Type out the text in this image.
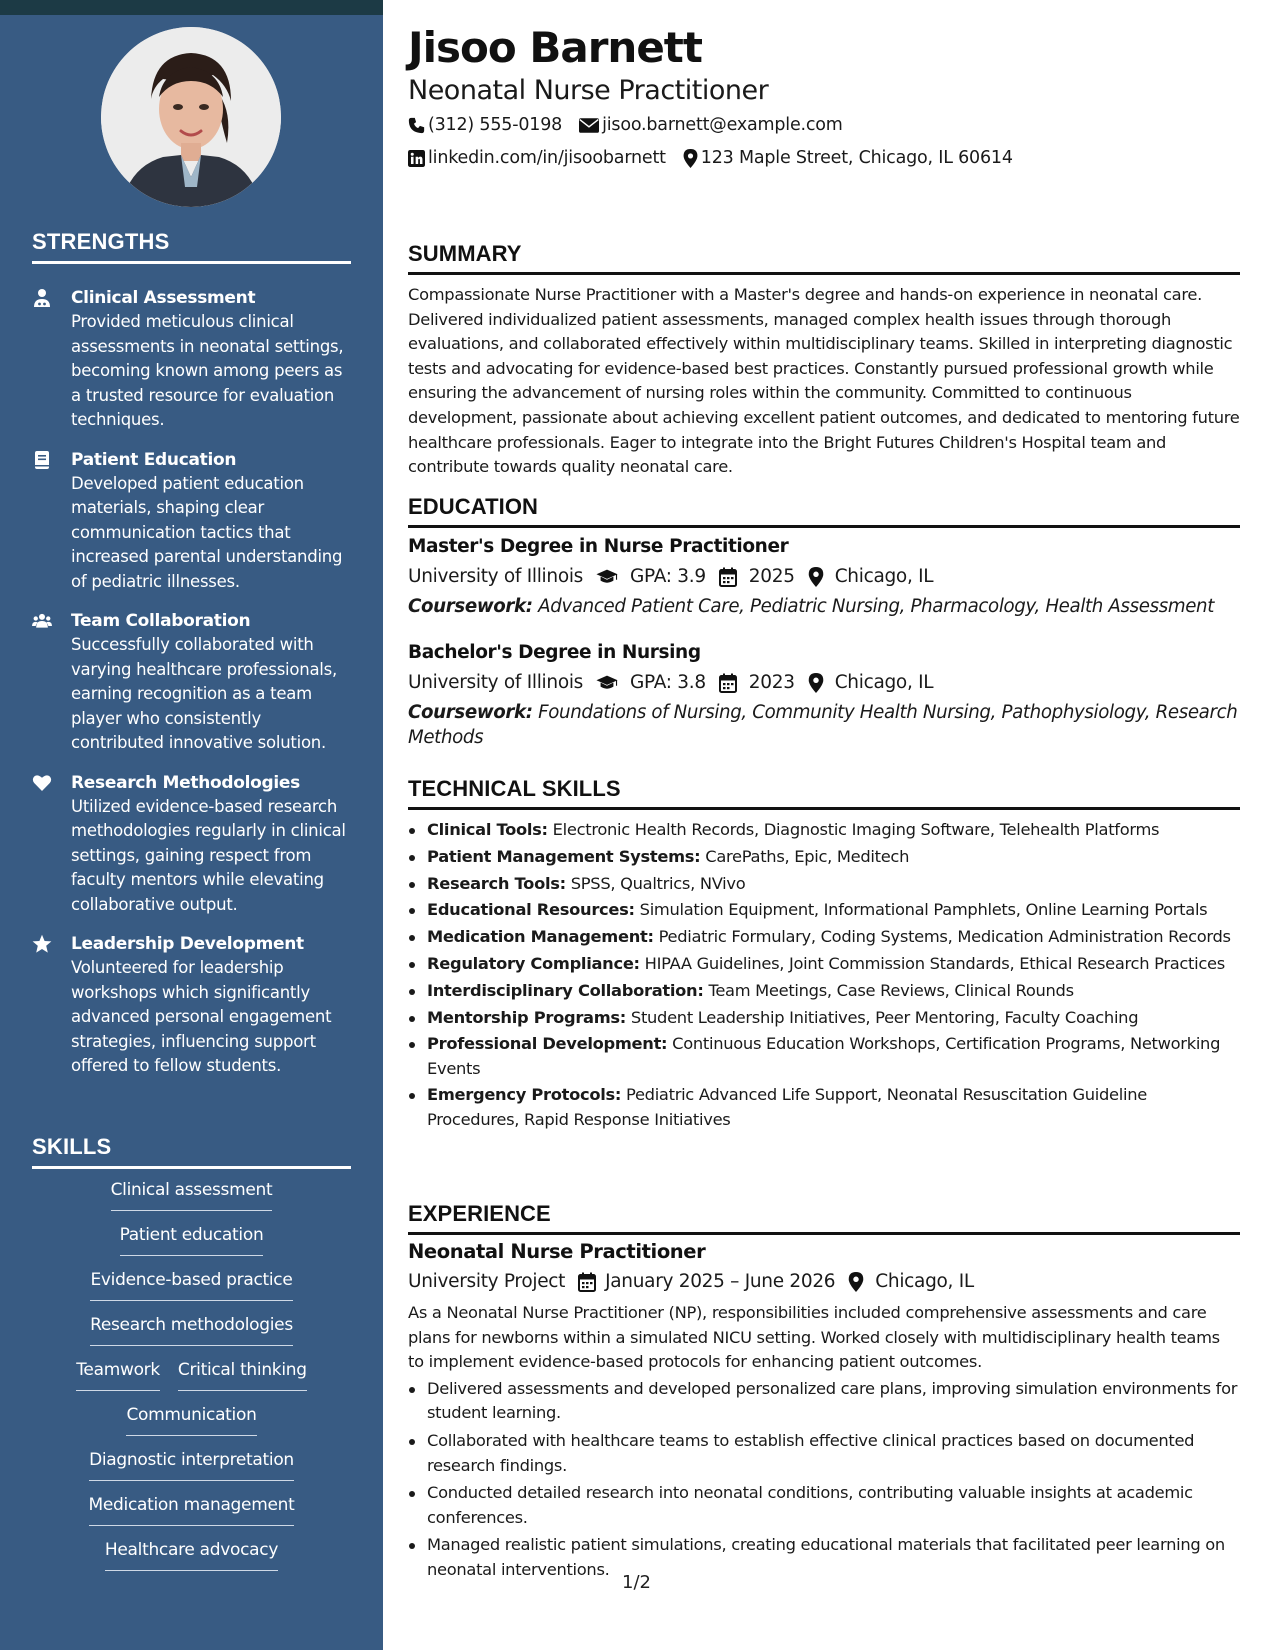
STRENGTHS
Clinical Assessment
Provided meticulous clinical assessments in neonatal settings, becoming known among peers as a trusted resource for evaluation techniques.
Patient Education
Developed patient education materials, shaping clear communication tactics that increased parental understanding of pediatric illnesses.
Team Collaboration
Successfully collaborated with varying healthcare professionals, earning recognition as a team player who consistently contributed innovative solution.
Research Methodologies
Utilized evidence-based research methodologies regularly in clinical settings, gaining respect from faculty mentors while elevating collaborative output.
Leadership Development
Volunteered for leadership workshops which significantly advanced personal engagement strategies, influencing support offered to fellow students.
SKILLS
Clinical assessment
Patient education
Evidence-based practice
Research methodologies
Teamwork Critical thinking
Communication
Diagnostic interpretation
Medication management
Healthcare advocacy
Jisoo Barnett
Neonatal Nurse Practitioner
(312) 555-0198 jisoo.barnett@example.com
linkedin.com/in/jisoobarnett 123 Maple Street, Chicago, IL 60614
SUMMARY
Compassionate Nurse Practitioner with a Master's degree and hands-on experience in neonatal care. Delivered individualized patient assessments, managed complex health issues through thorough evaluations, and collaborated effectively within multidisciplinary teams. Skilled in interpreting diagnostic tests and advocating for evidence-based best practices. Constantly pursued professional growth while ensuring the advancement of nursing roles within the community. Committed to continuous development, passionate about achieving excellent patient outcomes, and dedicated to mentoring future healthcare professionals. Eager to integrate into the Bright Futures Children's Hospital team and contribute towards quality neonatal care.
EDUCATION
Master's Degree in Nurse Practitioner
University of Illinois	GPA: 3.9 2025 Chicago, IL
Coursework: Advanced Patient Care, Pediatric Nursing, Pharmacology, Health Assessment
Bachelor's Degree in Nursing
University of Illinois	GPA: 3.8 2023 Chicago, IL
Coursework: Foundations of Nursing, Community Health Nursing, Pathophysiology, Research Methods
TECHNICAL SKILLS
Clinical Tools: Electronic Health Records, Diagnostic Imaging Software, Telehealth Platforms
Patient Management Systems: CarePaths, Epic, Meditech
Research Tools: SPSS, Qualtrics, NVivo
Educational Resources: Simulation Equipment, Informational Pamphlets, Online Learning Portals
Medication Management: Pediatric Formulary, Coding Systems, Medication Administration Records
Regulatory Compliance: HIPAA Guidelines, Joint Commission Standards, Ethical Research Practices
Interdisciplinary Collaboration: Team Meetings, Case Reviews, Clinical Rounds
Mentorship Programs: Student Leadership Initiatives, Peer Mentoring, Faculty Coaching
Professional Development: Continuous Education Workshops, Certification Programs, Networking Events
Emergency Protocols: Pediatric Advanced Life Support, Neonatal Resuscitation Guideline Procedures, Rapid Response Initiatives
EXPERIENCE
Neonatal Nurse Practitioner
University Project January 2025 – June 2026 Chicago, IL
As a Neonatal Nurse Practitioner (NP), responsibilities included comprehensive assessments and care plans for newborns within a simulated NICU setting. Worked closely with multidisciplinary health teams to implement evidence-based protocols for enhancing patient outcomes.
Delivered assessments and developed personalized care plans, improving simulation environments for student learning.
Collaborated with healthcare teams to establish effective clinical practices based on documented research findings.
Conducted detailed research into neonatal conditions, contributing valuable insights at academic conferences.
Managed realistic patient simulations, creating educational materials that facilitated peer learning on neonatal interventions.
1/2
